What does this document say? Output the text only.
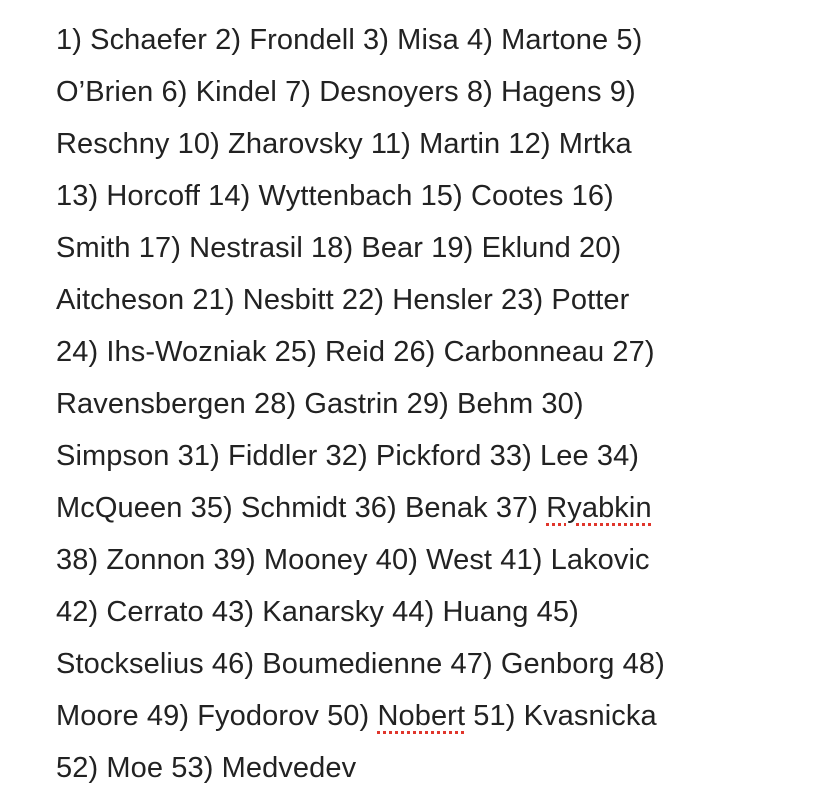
1) Schaefer 2) Frondell 3) Misa 4) Martone 5)
O’Brien 6) Kindel 7) Desnoyers 8) Hagens 9)
Reschny 10) Zharovsky 11) Martin 12) Mrtka
13) Horcoff 14) Wyttenbach 15) Cootes 16)
Smith 17) Nestrasil 18) Bear 19) Eklund 20)
Aitcheson 21) Nesbitt 22) Hensler 23) Potter
24) Ihs-Wozniak 25) Reid 26) Carbonneau 27)
Ravensbergen 28) Gastrin 29) Behm 30)
Simpson 31) Fiddler 32) Pickford 33) Lee 34)
McQueen 35) Schmidt 36) Benak 37) Ryabkin
38) Zonnon 39) Mooney 40) West 41) Lakovic
42) Cerrato 43) Kanarsky 44) Huang 45)
Stockselius 46) Boumedienne 47) Genborg 48)
Moore 49) Fyodorov 50) Nobert 51) Kvasnicka
52) Moe 53) Medvedev
